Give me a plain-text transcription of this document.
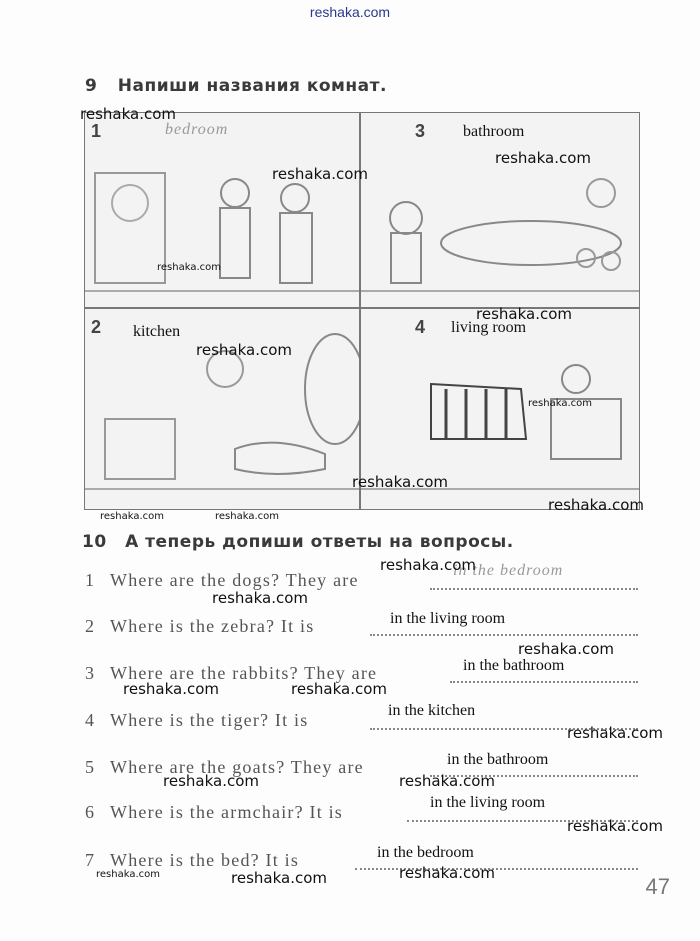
reshaka.com
9 Напиши названия комнат.
1	bedroom	3 bathroom
2 kitchen	4 living room
10 А теперь допиши ответы на вопросы.
1 Where are the dogs? They are	in the bedroom
2 Where is the zebra? It is	in the living room
3 Where are the rabbits? They are	in the bathroom
4 Where is the tiger? It is	in the kitchen
5 Where are the goats? They are	in the bathroom
6 Where is the armchair? It is	in the living room
7 Where is the bed? It is	in the bedroom
reshaka.com
reshaka.com
reshaka.com
reshaka.com
reshaka.com
reshaka.com
reshaka.com
reshaka.com
reshaka.com
reshaka.com	reshaka.com
reshaka.com
reshaka.com
reshaka.com
reshaka.com	reshaka.com
reshaka.com
reshaka.com	reshaka.com
reshaka.com
reshaka.com	reshaka.com	reshaka.com
47
